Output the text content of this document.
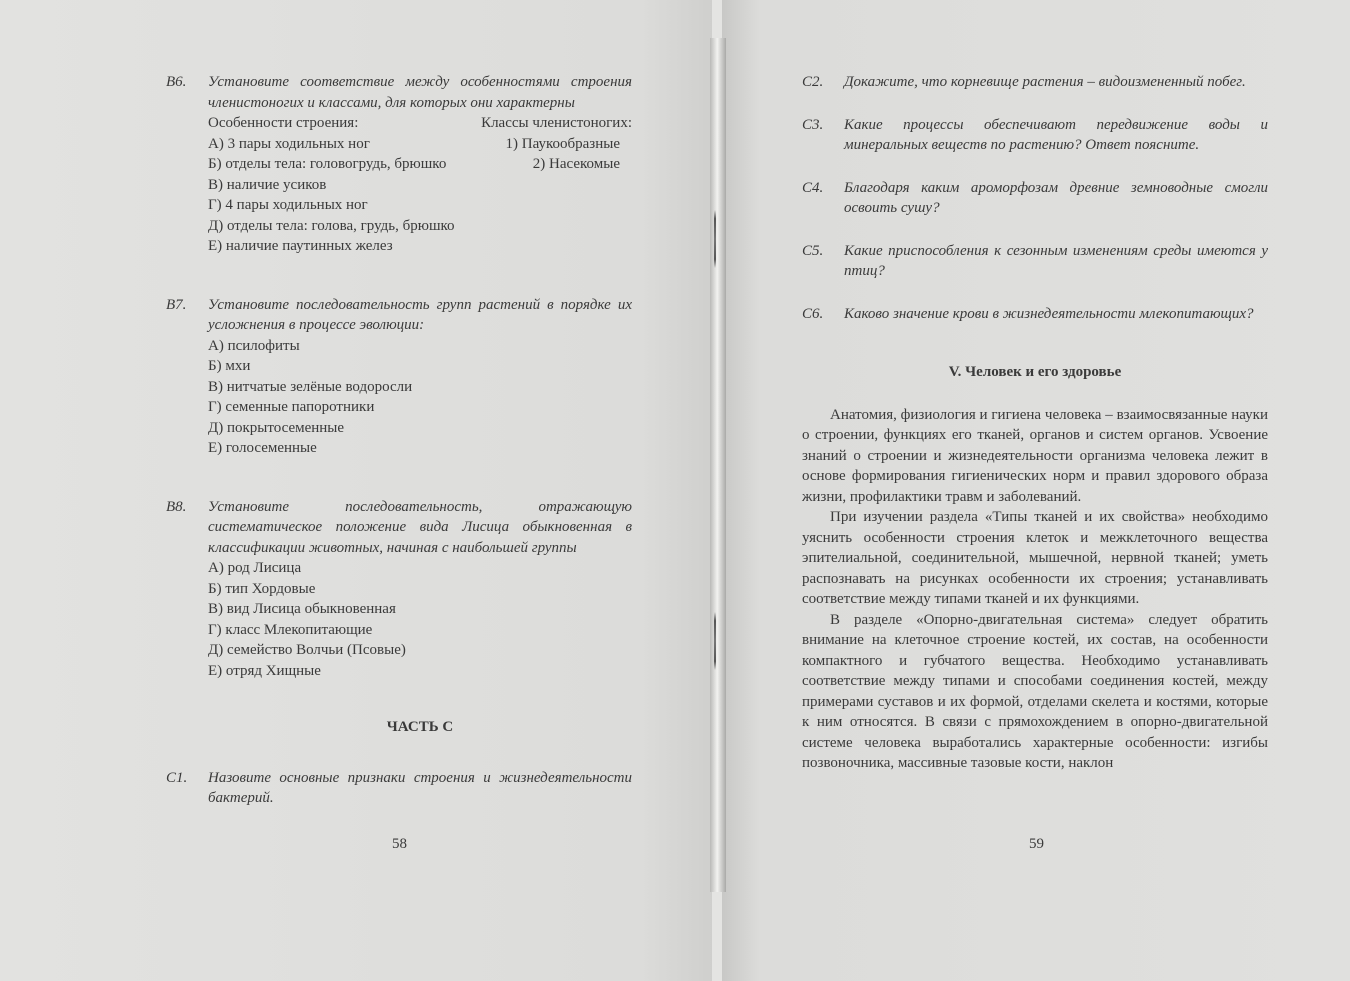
В6.	Установите соответствие между особенностями строения членистоногих и классами, для которых они характерны
Особенности строения:	Классы членистоногих:
А) 3 пары ходильных ног	1) Паукообразные
Б) отделы тела: головогрудь, брюшко	2) Насекомые
В) наличие усиков
Г) 4 пары ходильных ног
Д) отделы тела: голова, грудь, брюшко
Е) наличие паутинных желез
В7.	Установите последовательность групп растений в порядке их усложнения в процессе эволюции:
А) псилофиты
Б) мхи
В) нитчатые зелёные водоросли
Г) семенные папоротники
Д) покрытосеменные
Е) голосеменные
В8.	Установите последовательность, отражающую систематическое положение вида Лисица обыкновенная в классификации животных, начиная с наибольшей группы
А) род Лисица
Б) тип Хордовые
В) вид Лисица обыкновенная
Г) класс Млекопитающие
Д) семейство Волчьи (Псовые)
Е) отряд Хищные
ЧАСТЬ С
С1.	Назовите основные признаки строения и жизнедеятельности бактерий.
58
С2.	Докажите, что корневище растения – видоизмененный побег.
С3.	Какие процессы обеспечивают передвижение воды и минеральных веществ по растению? Ответ поясните.
С4.	Благодаря каким ароморфозам древние земноводные смогли освоить сушу?
С5.	Какие приспособления к сезонным изменениям среды имеются у птиц?
С6.	Каково значение крови в жизнедеятельности млекопитающих?
V. Человек и его здоровье

Анатомия, физиология и гигиена человека – взаимосвязанные науки о строении, функциях его тканей, органов и систем органов. Усвоение знаний о строении и жизнедеятельности организма человека лежит в основе формирования гигиенических норм и правил здорового образа жизни, профилактики травм и заболеваний.

При изучении раздела «Типы тканей и их свойства» необходимо уяснить особенности строения клеток и межклеточного вещества эпителиальной, соединительной, мышечной, нервной тканей; уметь распознавать на рисунках особенности их строения; устанавливать соответствие между типами тканей и их функциями.

В разделе «Опорно-двигательная система» следует обратить внимание на клеточное строение костей, их состав, на особенности компактного и губчатого вещества. Необходимо устанавливать соответствие между типами и способами соединения костей, между примерами суставов и их формой, отделами скелета и костями, которые к ним относятся. В связи с прямохождением в опорно-двигательной системе человека выработались характерные особенности: изгибы позвоночника, массивные тазовые кости, наклон

59
